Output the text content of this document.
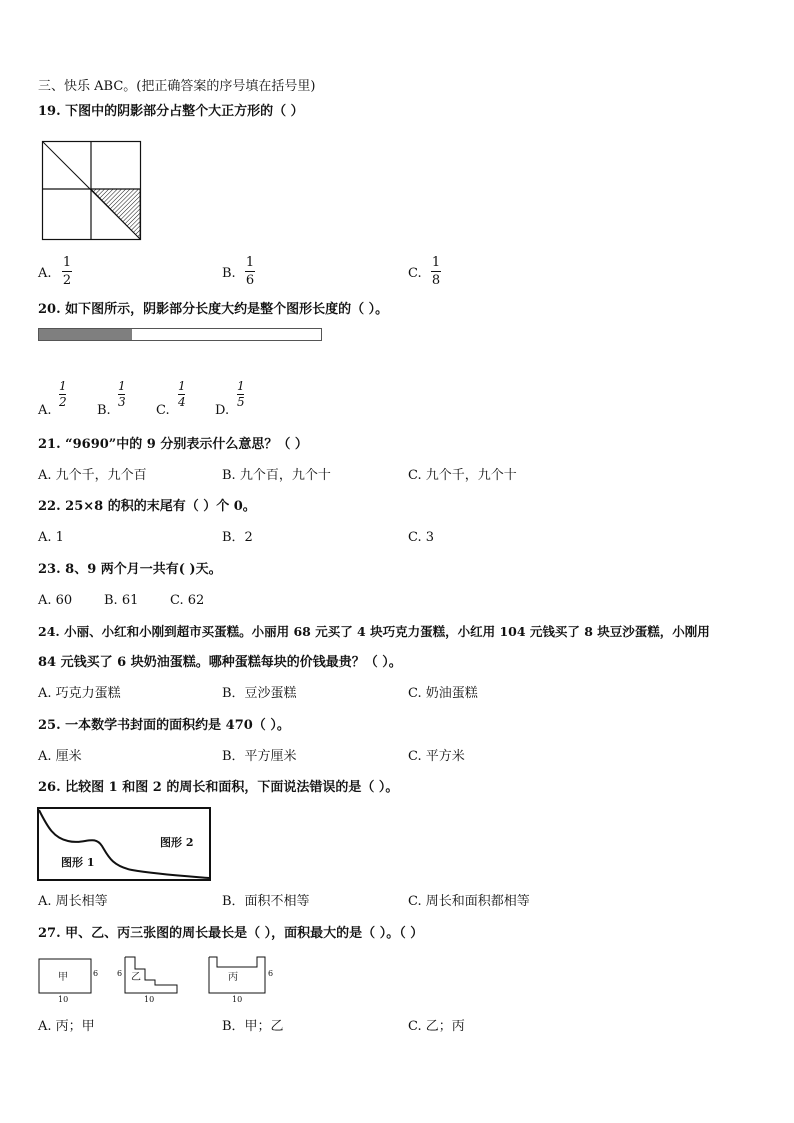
三、快乐 ABC。(把正确答案的序号填在括号里)
19. 下图中的阴影部分占整个大正方形的（ ）
A.
1
2	B.
1
6	C.
1
8
20. 如下图所示，阴影部分长度大约是整个图形长度的（ ）。
A.
1
2
B.
1
3
C.
1
4
D.
1
5
21. “9690”中的 9 分别表示什么意思？（ ）
A. 九个千，九个百	B. 九个百，九个十	C. 九个千，九个十
22. 25×8 的积的末尾有（ ）个 0。
A. 1	B．2	C. 3
23. 8、9 两个月一共有( )天。
A. 60 B. 61 C. 62
24. 小丽、小红和小刚到超市买蛋糕。小丽用 68 元买了 4 块巧克力蛋糕，小红用 104 元钱买了 8 块豆沙蛋糕，小刚用
84 元钱买了 6 块奶油蛋糕。哪种蛋糕每块的价钱最贵？（ ）。
A. 巧克力蛋糕	B．豆沙蛋糕	C. 奶油蛋糕
25. 一本数学书封面的面积约是 470（ ）。
A. 厘米	B．平方厘米	C. 平方米
26. 比较图 1 和图 2 的周长和面积，下面说法错误的是（ ）。
图形 2
图形 1
A. 周长相等	B．面积不相等	C. 周长和面积都相等
27. 甲、乙、丙三张图的周长最长是（ ），面积最大的是（ ）。（ ）
甲	6
10
乙
6
10
丙	6
10
A. 丙；甲	B．甲；乙	C. 乙；丙
